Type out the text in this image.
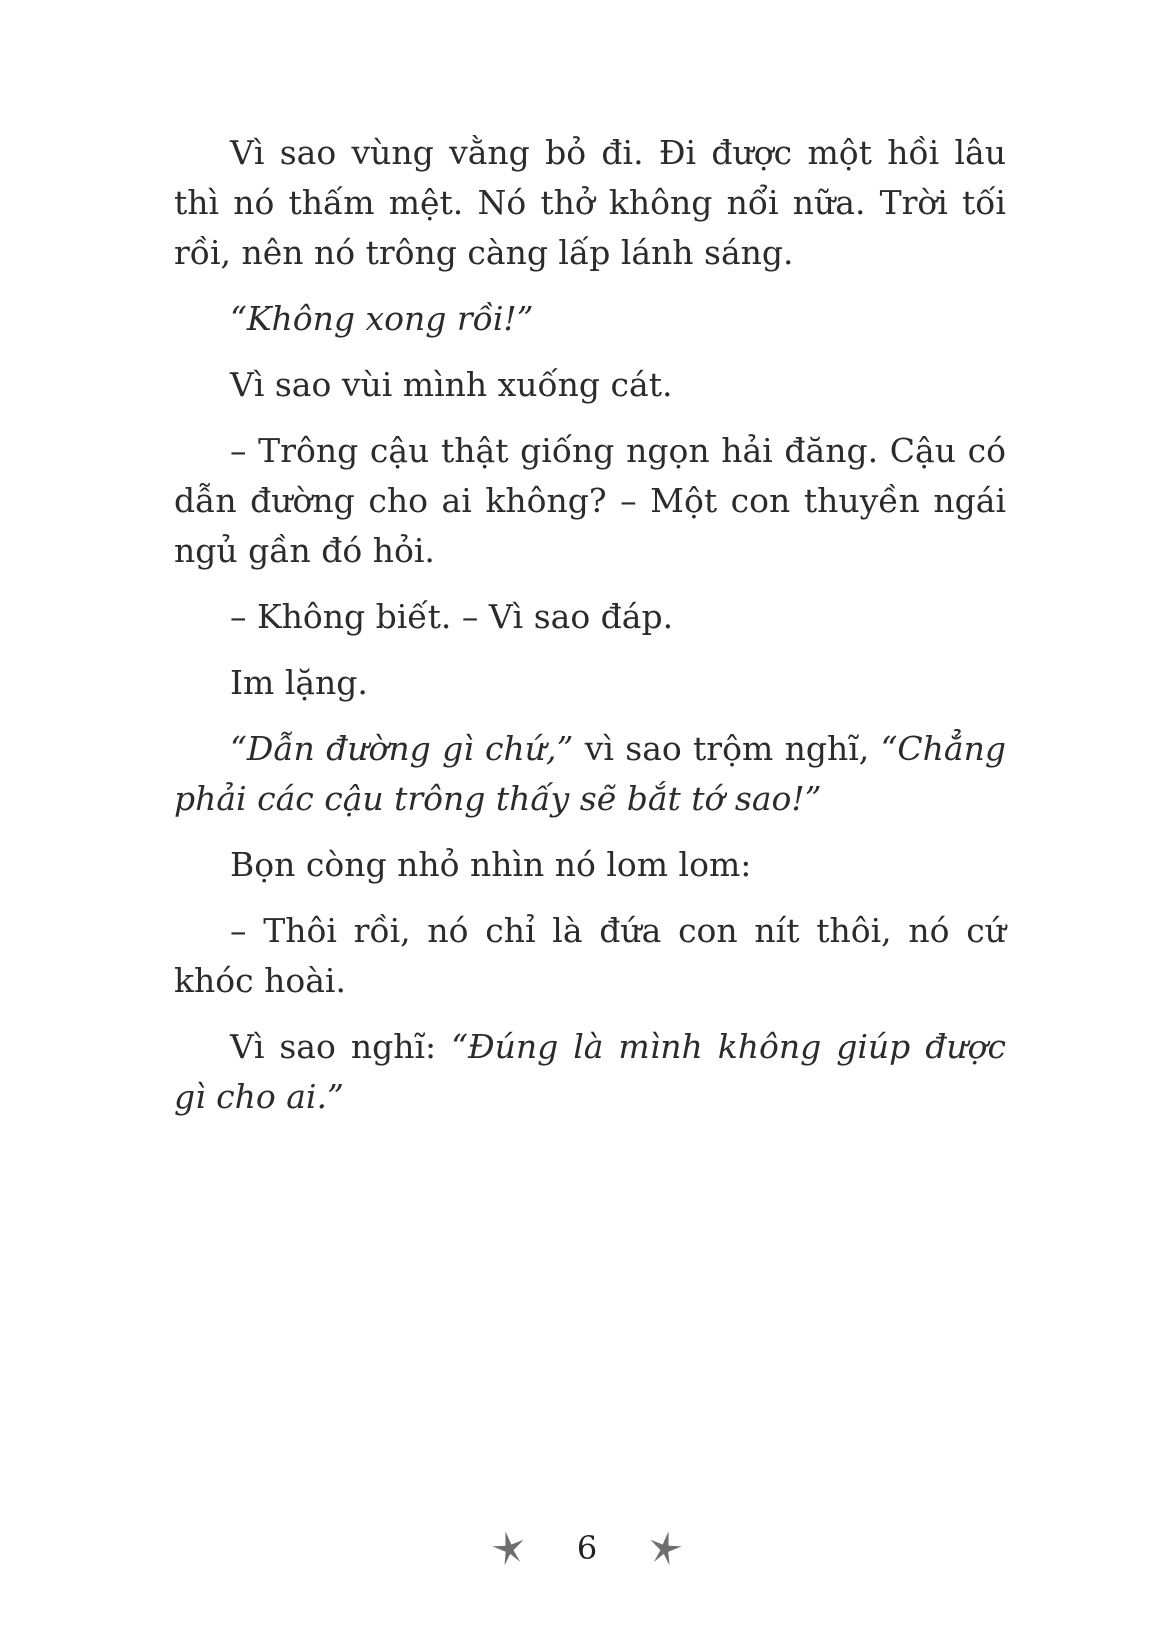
Vì sao vùng vằng bỏ đi. Đi được một hồi lâu thì nó thấm mệt. Nó thở không nổi nữa. Trời tối rồi, nên nó trông càng lấp lánh sáng.

“Không xong rồi!”

Vì sao vùi mình xuống cát.

– Trông cậu thật giống ngọn hải đăng. Cậu có dẫn đường cho ai không? – Một con thuyền ngái ngủ gần đó hỏi.

– Không biết. – Vì sao đáp.

Im lặng.

“Dẫn đường gì chứ,” vì sao trộm nghĩ, “Chẳng phải các cậu trông thấy sẽ bắt tớ sao!”

Bọn còng nhỏ nhìn nó lom lom:

– Thôi rồi, nó chỉ là đứa con nít thôi, nó cứ khóc hoài.

Vì sao nghĩ: “Đúng là mình không giúp được gì cho ai.”

6
